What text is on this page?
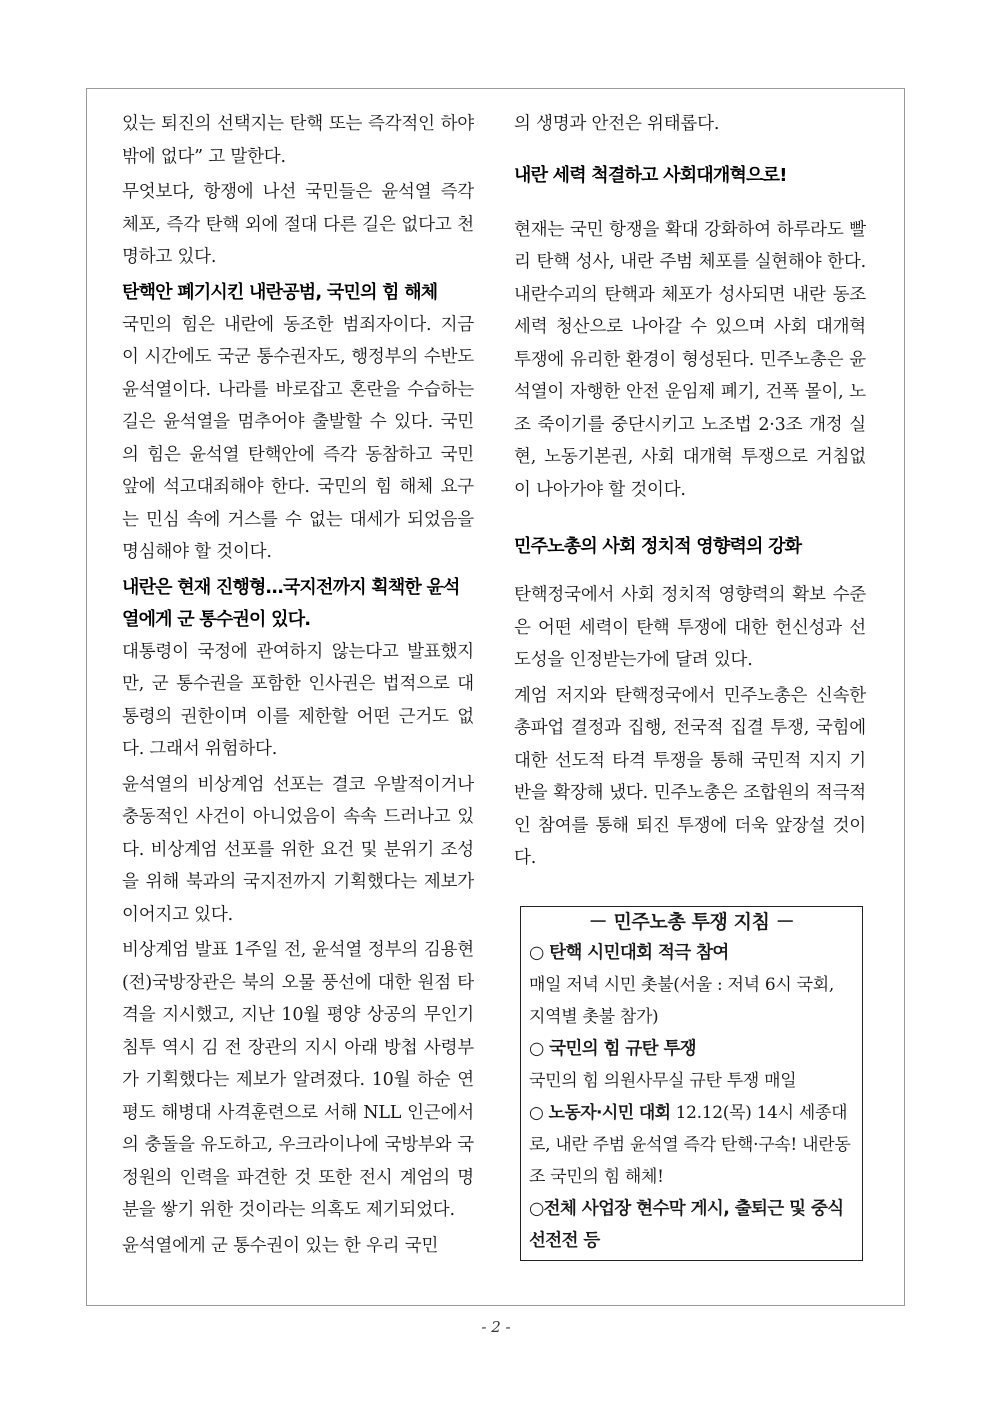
있는 퇴진의 선택지는 탄핵 또는 즉각적인 하야밖에 없다” 고 말한다.

무엇보다, 항쟁에 나선 국민들은 윤석열 즉각 체포, 즉각 탄핵 외에 절대 다른 길은 없다고 천명하고 있다.

탄핵안 폐기시킨 내란공범, 국민의 힘 해체

국민의 힘은 내란에 동조한 범죄자이다. 지금 이 시간에도 국군 통수권자도, 행정부의 수반도 윤석열이다. 나라를 바로잡고 혼란을 수습하는 길은 윤석열을 멈추어야 출발할 수 있다. 국민의 힘은 윤석열 탄핵안에 즉각 동참하고 국민 앞에 석고대죄해야 한다. 국민의 힘 해체 요구는 민심 속에 거스를 수 없는 대세가 되었음을 명심해야 할 것이다.

내란은 현재 진행형…국지전까지 획책한 윤석열에게 군 통수권이 있다.

대통령이 국정에 관여하지 않는다고 발표했지만, 군 통수권을 포함한 인사권은 법적으로 대통령의 권한이며 이를 제한할 어떤 근거도 없다. 그래서 위험하다.

윤석열의 비상계엄 선포는 결코 우발적이거나 충동적인 사건이 아니었음이 속속 드러나고 있다. 비상계엄 선포를 위한 요건 및 분위기 조성을 위해 북과의 국지전까지 기획했다는 제보가 이어지고 있다.

비상계엄 발표 1주일 전, 윤석열 정부의 김용현 (전)국방장관은 북의 오물 풍선에 대한 원점 타격을 지시했고, 지난 10월 평양 상공의 무인기 침투 역시 김 전 장관의 지시 아래 방첩 사령부가 기획했다는 제보가 알려졌다. 10월 하순 연평도 해병대 사격훈련으로 서해 NLL 인근에서의 충돌을 유도하고, 우크라이나에 국방부와 국정원의 인력을 파견한 것 또한 전시 계엄의 명분을 쌓기 위한 것이라는 의혹도 제기되었다.

윤석열에게 군 통수권이 있는 한 우리 국민

의 생명과 안전은 위태롭다.

내란 세력 척결하고 사회대개혁으로!

현재는 국민 항쟁을 확대 강화하여 하루라도 빨리 탄핵 성사, 내란 주범 체포를 실현해야 한다. 내란수괴의 탄핵과 체포가 성사되면 내란 동조 세력 청산으로 나아갈 수 있으며 사회 대개혁 투쟁에 유리한 환경이 형성된다. 민주노총은 윤석열이 자행한 안전 운임제 폐기, 건폭 몰이, 노조 죽이기를 중단시키고 노조법 2·3조 개정 실현, 노동기본권, 사회 대개혁 투쟁으로 거침없이 나아가야 할 것이다.

민주노총의 사회 정치적 영향력의 강화

탄핵정국에서 사회 정치적 영향력의 확보 수준은 어떤 세력이 탄핵 투쟁에 대한 헌신성과 선도성을 인정받는가에 달려 있다.

계엄 저지와 탄핵정국에서 민주노총은 신속한 총파업 결정과 집행, 전국적 집결 투쟁, 국힘에 대한 선도적 타격 투쟁을 통해 국민적 지지 기반을 확장해 냈다. 민주노총은 조합원의 적극적인 참여를 통해 퇴진 투쟁에 더욱 앞장설 것이다.

－ 민주노총 투쟁 지침 －

○ 탄핵 시민대회 적극 참여

매일 저녁 시민 촛불(서울 : 저녁 6시 국회, 지역별 촛불 참가)

○ 국민의 힘 규탄 투쟁

국민의 힘 의원사무실 규탄 투쟁 매일

○ 노동자·시민 대회 12.12(목) 14시 세종대로, 내란 주범 윤석열 즉각 탄핵·구속! 내란동조 국민의 힘 해체!

○전체 사업장 현수막 게시, 출퇴근 및 중식 선전전 등

- 2 -
